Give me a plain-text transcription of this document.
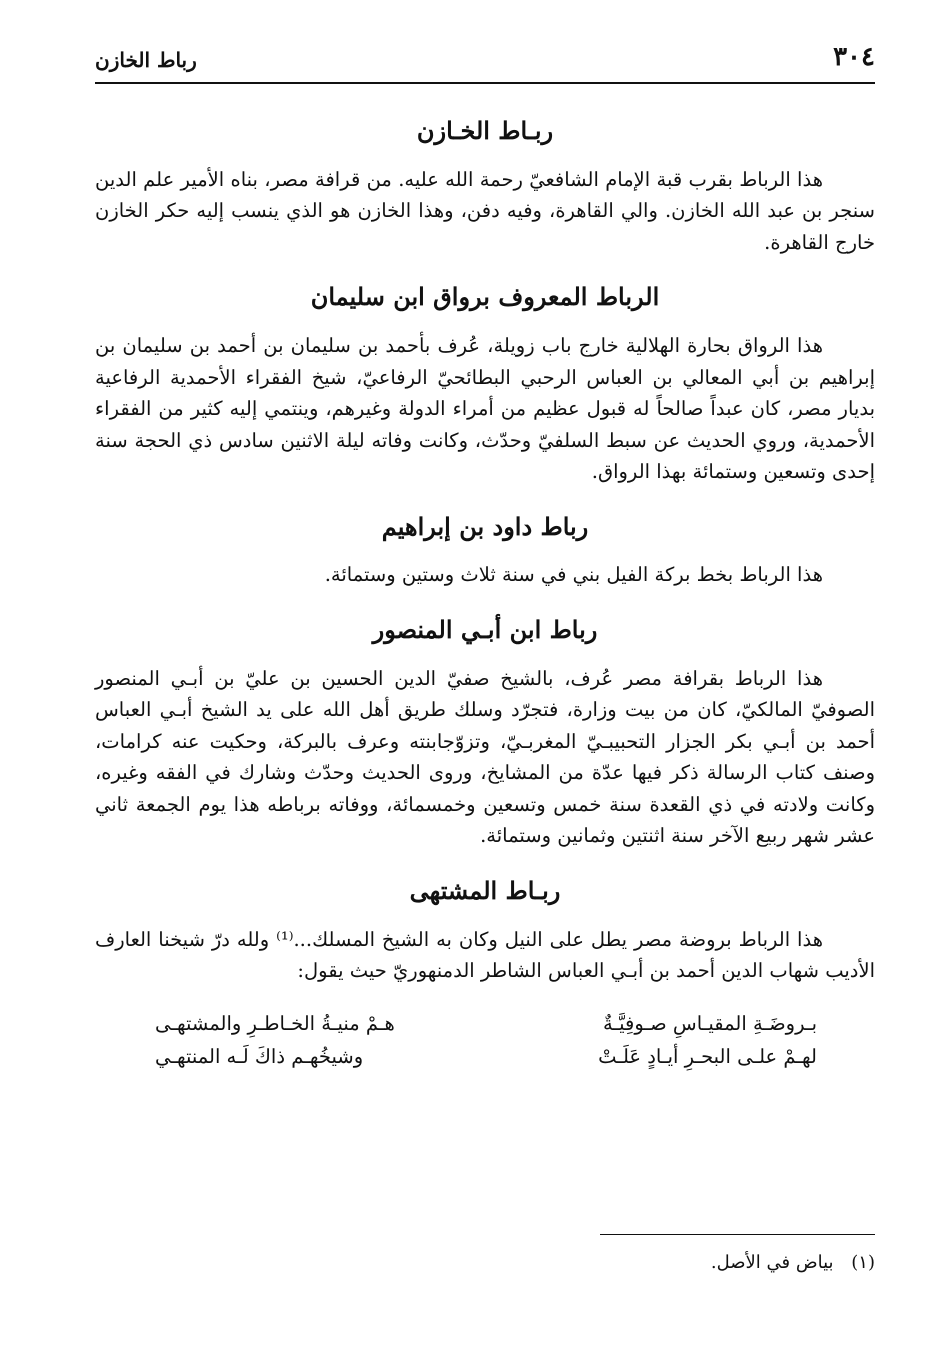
٣٠٤
رباط الخازن
ربـاط الخـازن

هذا الرباط بقرب قبة الإمام الشافعيّ رحمة الله عليه. من قرافة مصر، بناه الأمير علم الدين سنجر بن عبد الله الخازن. والي القاهرة، وفيه دفن، وهذا الخازن هو الذي ينسب إليه حكر الخازن خارج القاهرة.

الرباط المعروف برواق ابن سليمان

هذا الرواق بحارة الهلالية خارج باب زويلة، عُرف بأحمد بن سليمان بن أحمد بن سليمان بن إبراهيم بن أبي المعالي بن العباس الرحبي البطائحيّ الرفاعيّ، شيخ الفقراء الأحمدية الرفاعية بديار مصر، كان عبداً صالحاً له قبول عظيم من أمراء الدولة وغيرهم، وينتمي إليه كثير من الفقراء الأحمدية، وروي الحديث عن سبط السلفيّ وحدّث، وكانت وفاته ليلة الاثنين سادس ذي الحجة سنة إحدى وتسعين وستمائة بهذا الرواق.

رباط داود بن إبراهيم

هذا الرباط بخط بركة الفيل بني في سنة ثلاث وستين وستمائة.

رباط ابن أبـي المنصور

هذا الرباط بقرافة مصر عُرف، بالشيخ صفيّ الدين الحسين بن عليّ بن أبـي المنصور الصوفيّ المالكيّ، كان من بيت وزارة، فتجرّد وسلك طريق أهل الله على يد الشيخ أبـي العباس أحمد بن أبـي بكر الجزار التحبيبـيّ المغربـيّ، وتزوّجابنته وعرف بالبركة، وحكيت عنه كرامات، وصنف كتاب الرسالة ذكر فيها عدّة من المشايخ، وروى الحديث وحدّث وشارك في الفقه وغيره، وكانت ولادته في ذي القعدة سنة خمس وتسعين وخمسمائة، ووفاته برباطه هذا يوم الجمعة ثاني عشر شهر ربيع الآخر سنة اثنتين وثمانين وستمائة.

ربـاط المشتهى

هذا الرباط بروضة مصر يطل على النيل وكان به الشيخ المسلك...⁽¹⁾ ولله درّ شيخنا العارف الأديب شهاب الدين أحمد بن أبـي العباس الشاطر الدمنهوريّ حيث يقول:

بـروضَـةِ المقيـاسِ صـوفِيَّـةٌ
هـمْ منيـةُ الخـاطـرِ والمشتهـى
لهـمْ علـى البحـرِ أيـادٍ عَلَـتْ
وشيخُهـم ذاكَ لَـه المنتهـي
(١) بياض في الأصل.
